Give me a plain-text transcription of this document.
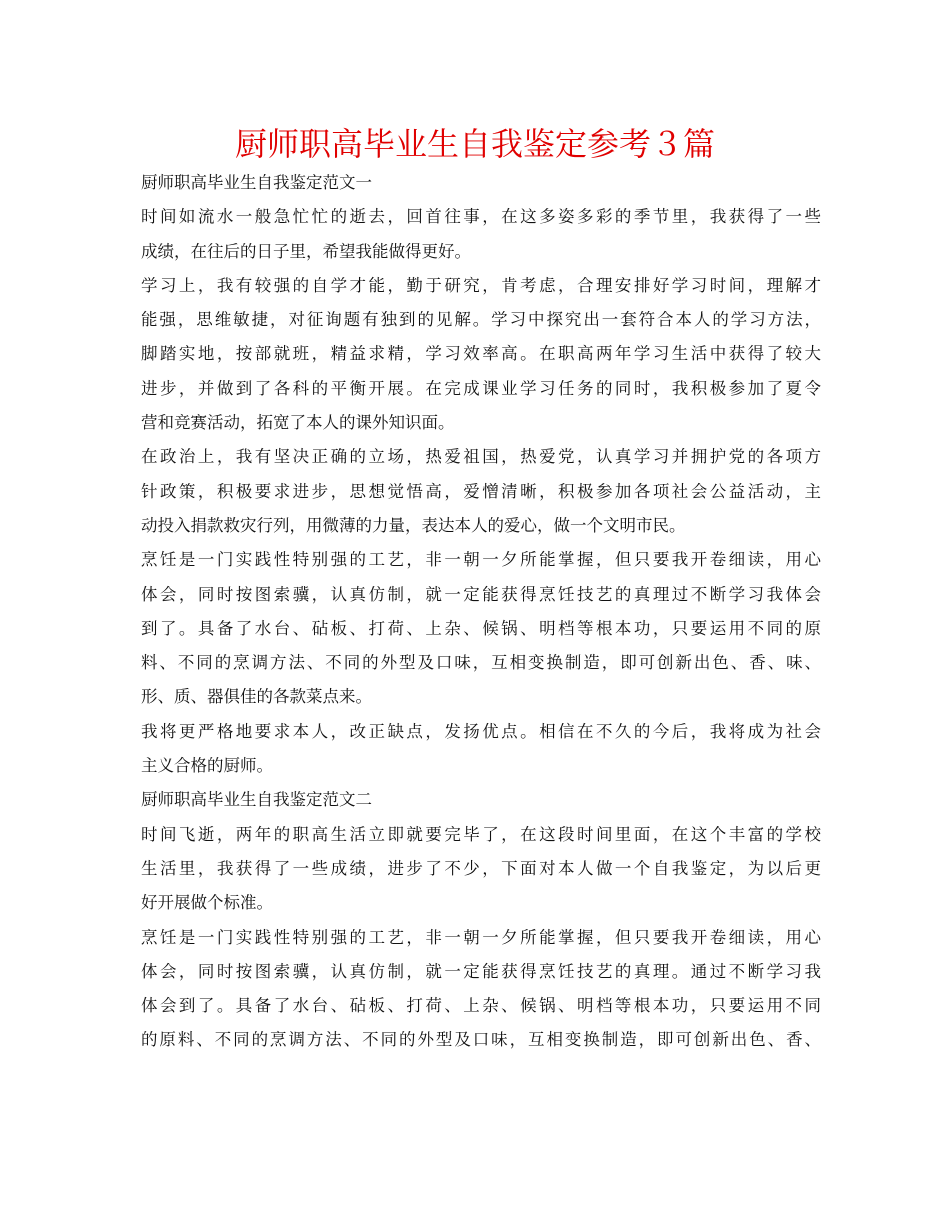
厨师职高毕业生自我鉴定参考３篇
厨师职高毕业生自我鉴定范文一
时间如流水一般急忙忙的逝去，回首往事，在这多姿多彩的季节里，我获得了一些
成绩，在往后的日子里，希望我能做得更好。
学习上，我有较强的自学才能，勤于研究，肯考虑，合理安排好学习时间，理解才
能强，思维敏捷，对征询题有独到的见解。学习中探究出一套符合本人的学习方法，
脚踏实地，按部就班，精益求精，学习效率高。在职高两年学习生活中获得了较大
进步，并做到了各科的平衡开展。在完成课业学习任务的同时，我积极参加了夏令
营和竞赛活动，拓宽了本人的课外知识面。
在政治上，我有坚决正确的立场，热爱祖国，热爱党，认真学习并拥护党的各项方
针政策，积极要求进步，思想觉悟高，爱憎清晰，积极参加各项社会公益活动，主
动投入捐款救灾行列，用微薄的力量，表达本人的爱心，做一个文明市民。
烹饪是一门实践性特别强的工艺，非一朝一夕所能掌握，但只要我开卷细读，用心
体会，同时按图索骥，认真仿制，就一定能获得烹饪技艺的真理过不断学习我体会
到了。具备了水台、砧板、打荷、上杂、候锅、明档等根本功，只要运用不同的原
料、不同的烹调方法、不同的外型及口味，互相变换制造，即可创新出色、香、味、
形、质、器俱佳的各款菜点来。
我将更严格地要求本人，改正缺点，发扬优点。相信在不久的今后，我将成为社会
主义合格的厨师。
厨师职高毕业生自我鉴定范文二
时间飞逝，两年的职高生活立即就要完毕了，在这段时间里面，在这个丰富的学校
生活里，我获得了一些成绩，进步了不少，下面对本人做一个自我鉴定，为以后更
好开展做个标准。
烹饪是一门实践性特别强的工艺，非一朝一夕所能掌握，但只要我开卷细读，用心
体会，同时按图索骥，认真仿制，就一定能获得烹饪技艺的真理。通过不断学习我
体会到了。具备了水台、砧板、打荷、上杂、候锅、明档等根本功，只要运用不同
的原料、不同的烹调方法、不同的外型及口味，互相变换制造，即可创新出色、香、
